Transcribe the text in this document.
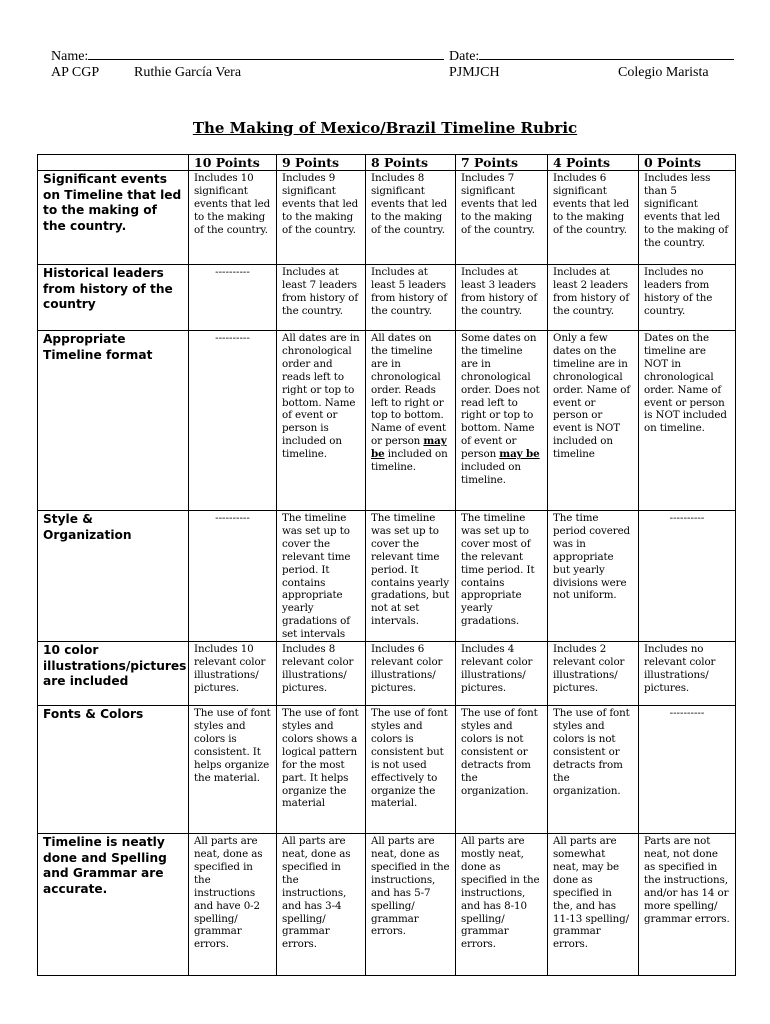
Name:	Date:
AP CGP Ruthie García Vera	PJMJCH	Colegio Marista
The Making of Mexico/Brazil Timeline Rubric
	10 Points	9 Points	8 Points	7 Points	4 Points	0 Points
Significant events on Timeline that led to the making of the country.	Includes 10 significant events that led to the making of the country.	Includes 9 significant events that led to the making of the country.	Includes 8 significant events that led to the making of the country.	Includes 7 significant events that led to the making of the country.	Includes 6 significant events that led to the making of the country.	Includes less than 5 significant events that led to the making of the country.
Historical leaders from history of the country	----------	Includes at least 7 leaders from history of the country.	Includes at least 5 leaders from history of the country.	Includes at least 3 leaders from history of the country.	Includes at least 2 leaders from history of the country.	Includes no leaders from history of the country.
Appropriate Timeline format	----------	All dates are in chronological order and reads left to right or top to bottom. Name of event or person is included on timeline.	All dates on the timeline are in chronological order. Reads left to right or top to bottom. Name of event or person may be included on timeline.	Some dates on the timeline are in chronological order. Does not read left to right or top to bottom. Name of event or person may be included on timeline.	Only a few dates on the timeline are in chronological order. Name of event or person or event is NOT included on timeline	Dates on the timeline are NOT in chronological order. Name of event or person is NOT included on timeline.
Style & Organization	----------	The timeline was set up to cover the relevant time period. It contains appropriate yearly gradations of set intervals	The timeline was set up to cover the relevant time period. It contains yearly gradations, but not at set intervals.	The timeline was set up to cover most of the relevant time period. It contains appropriate yearly gradations.	The time period covered was in appropriate but yearly divisions were not uniform.	----------
10 color illustrations/pictures are included	Includes 10 relevant color illustrations/ pictures.	Includes 8 relevant color illustrations/ pictures.	Includes 6 relevant color illustrations/ pictures.	Includes 4 relevant color illustrations/ pictures.	Includes 2 relevant color illustrations/ pictures.	Includes no relevant color illustrations/ pictures.
Fonts & Colors	The use of font styles and colors is consistent. It helps organize the material.	The use of font styles and colors shows a logical pattern for the most part. It helps organize the material	The use of font styles and colors is consistent but is not used effectively to organize the material.	The use of font styles and colors is not consistent or detracts from the organization.	The use of font styles and colors is not consistent or detracts from the organization.	----------
Timeline is neatly done and Spelling and Grammar are accurate.	All parts are neat, done as specified in the instructions and have 0-2 spelling/ grammar errors.	All parts are neat, done as specified in the instructions, and has 3-4 spelling/ grammar errors.	All parts are neat, done as specified in the instructions, and has 5-7 spelling/ grammar errors.	All parts are mostly neat, done as specified in the instructions, and has 8-10 spelling/ grammar errors.	All parts are somewhat neat, may be done as specified in the, and has 11-13 spelling/ grammar errors.	Parts are not neat, not done as specified in the instructions, and/or has 14 or more spelling/ grammar errors.
